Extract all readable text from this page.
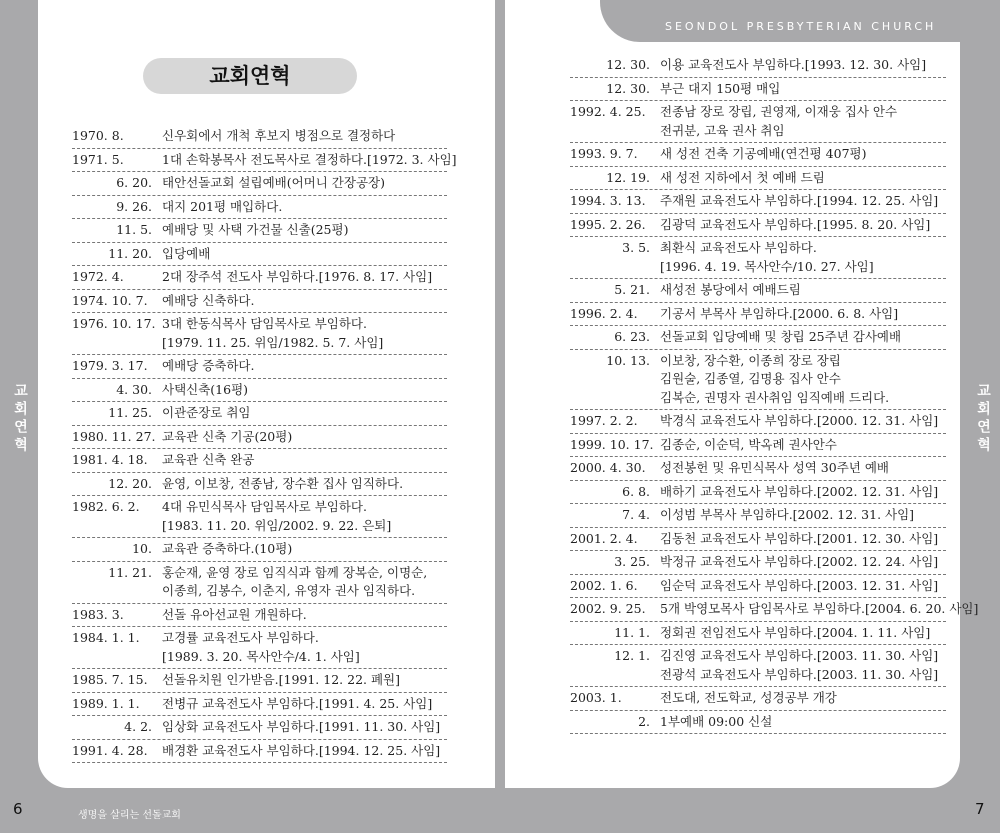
SEONDOL PRESBYTERIAN CHURCH
교회연혁	교회연혁
교회연혁
1970. 8.	신우회에서 개척 후보지 병점으로 결정하다
1971. 5.	1대 손학봉목사 전도목사로 결정하다.[1972. 3. 사임]
6. 20. 태안선돌교회 설립예배(어머니 간장공장)
9. 26. 대지 201평 매입하다.
11. 5. 예배당 및 사택 가건물 신출(25평)
11. 20. 입당예배
1972. 4.	2대 장주석 전도사 부임하다.[1976. 8. 17. 사임]
1974. 10. 7.	예배당 신축하다.
1976. 10. 17. 3대 한동식목사 담임목사로 부임하다.
[1979. 11. 25. 위임/1982. 5. 7. 사임]
1979. 3. 17.	예배당 증축하다.
4. 30. 사택신축(16평)
11. 25. 이관준장로 취임
1980. 11. 27. 교육관 신축 기공(20평)
1981. 4. 18.	교육관 신축 완공
12. 20. 윤영, 이보창, 전종남, 장수환 집사 임직하다.
1982. 6. 2.	4대 유민식목사 담임목사로 부임하다.
[1983. 11. 20. 위임/2002. 9. 22. 은퇴]
10. 교육관 증축하다.(10평)
11. 21. 홍순재, 윤영 장로 임직식과 함께 장복순, 이명순,
이종희, 김봉수, 이춘지, 유영자 권사 임직하다.
1983. 3.	선돌 유아선교원 개원하다.
1984. 1. 1.	고경률 교육전도사 부임하다.
[1989. 3. 20. 목사안수/4. 1. 사임]
1985. 7. 15.	선돌유치원 인가받음.[1991. 12. 22. 폐원]
1989. 1. 1.	전병규 교육전도사 부임하다.[1991. 4. 25. 사임]
4. 2. 임상화 교육전도사 부임하다.[1991. 11. 30. 사임]
1991. 4. 28.	배경환 교육전도사 부임하다.[1994. 12. 25. 사임]
12. 30. 이용 교육전도사 부임하다.[1993. 12. 30. 사임]
12. 30. 부근 대지 150평 매입
1992. 4. 25.	전종남 장로 장립, 권영재, 이재웅 집사 안수
전귀분, 고육 권사 취임
1993. 9. 7.	새 성전 건축 기공예배(연건평 407평)
12. 19. 새 성전 지하에서 첫 예배 드림
1994. 3. 13.	주재원 교육전도사 부임하다.[1994. 12. 25. 사임]
1995. 2. 26.	김광덕 교육전도사 부임하다.[1995. 8. 20. 사임]
3. 5. 최환식 교육전도사 부임하다.
[1996. 4. 19. 목사안수/10. 27. 사임]
5. 21. 새성전 봉당에서 예배드림
1996. 2. 4.	기공서 부목사 부임하다.[2000. 6. 8. 사임]
6. 23. 선돌교회 입당예배 및 창립 25주년 감사예배
10. 13. 이보창, 장수환, 이종희 장로 장립
김원술, 김종열, 김명용 집사 안수
김복순, 권명자 권사취임 임직예배 드리다.
1997. 2. 2.	박경식 교육전도사 부임하다.[2000. 12. 31. 사임]
1999. 10. 17. 김종순, 이순덕, 박옥례 권사안수
2000. 4. 30.	성전봉헌 및 유민식목사 성역 30주년 예배
6. 8. 배하기 교육전도사 부임하다.[2002. 12. 31. 사임]
7. 4. 이성범 부목사 부임하다.[2002. 12. 31. 사임]
2001. 2. 4.	김동천 교육전도사 부임하다.[2001. 12. 30. 사임]
3. 25. 박정규 교육전도사 부임하다.[2002. 12. 24. 사임]
2002. 1. 6.	임순덕 교육전도사 부임하다.[2003. 12. 31. 사임]
2002. 9. 25.	5개 박영모목사 담임목사로 부임하다.[2004. 6. 20. 사임]
11. 1. 정회권 전임전도사 부임하다.[2004. 1. 11. 사임]
12. 1. 김진영 교육전도사 부임하다.[2003. 11. 30. 사임]
전광석 교육전도사 부임하다.[2003. 11. 30. 사임]
2003. 1.	전도대, 전도학교, 성경공부 개강
2. 1부예배 09:00 신설
6	생명을 살리는 선돌교회	7
